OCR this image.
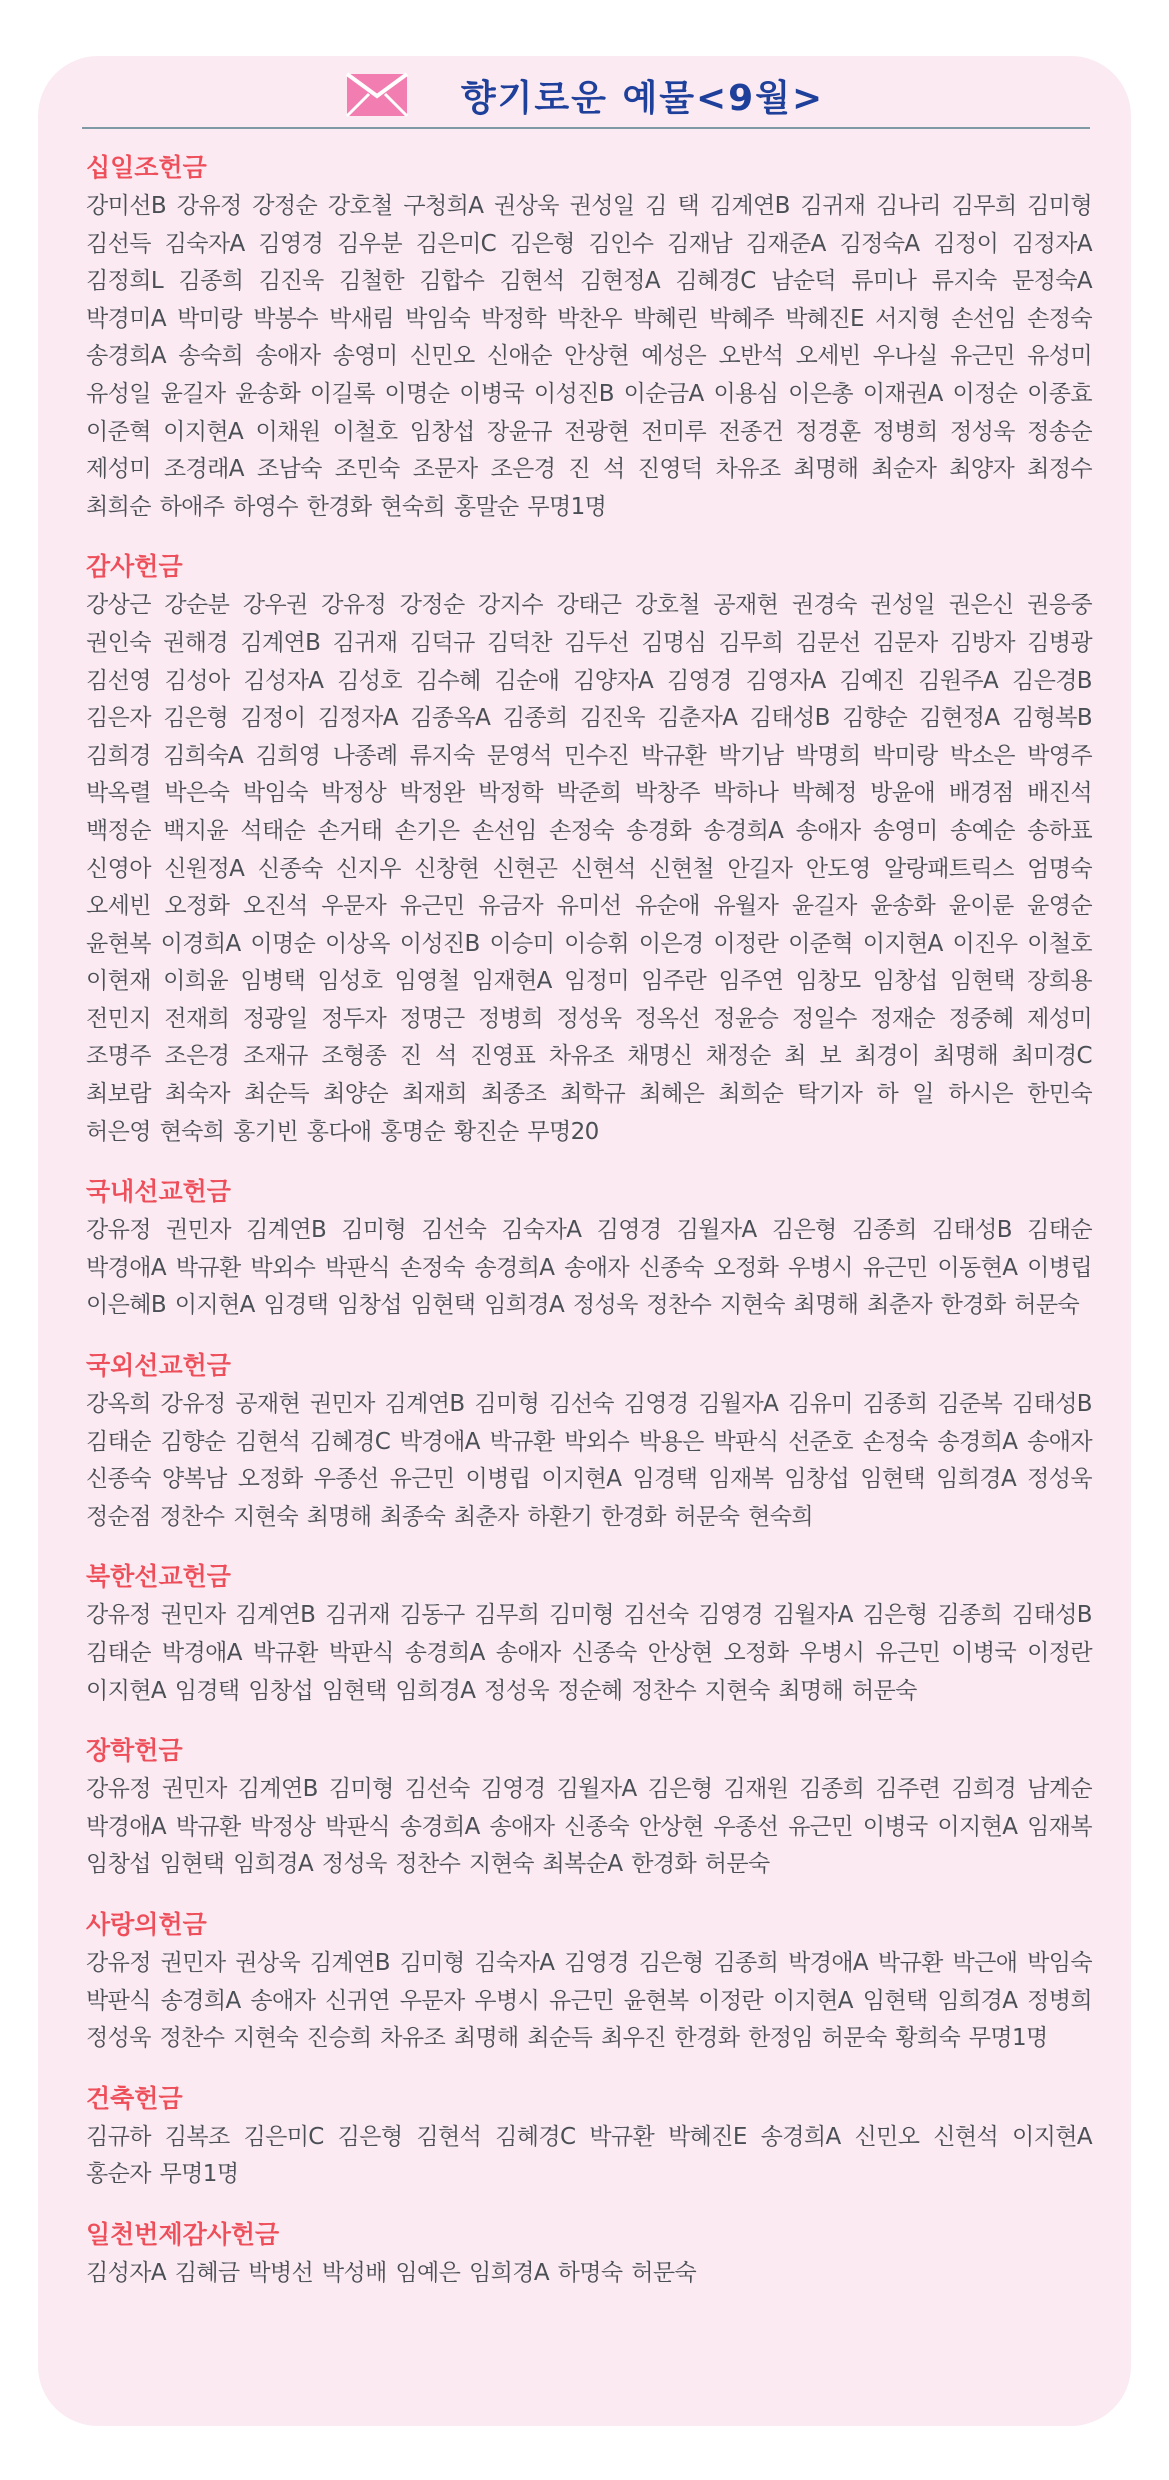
향기로운 예물<9월>
십일조헌금
강미선B 강유정 강정순 강호철 구청희A 권상욱 권성일 김 택 김계연B 김귀재 김나리 김무희 김미형 김선득 김숙자A 김영경 김우분 김은미C 김은형 김인수 김재남 김재준A 김정숙A 김정이 김정자A 김정희L 김종희 김진욱 김철한 김합수 김현석 김현정A 김혜경C 남순덕 류미나 류지숙 문정숙A 박경미A 박미랑 박봉수 박새림 박임숙 박정학 박찬우 박혜린 박혜주 박혜진E 서지형 손선임 손정숙 송경희A 송숙희 송애자 송영미 신민오 신애순 안상현 예성은 오반석 오세빈 우나실 유근민 유성미 유성일 윤길자 윤송화 이길록 이명순 이병국 이성진B 이순금A 이용심 이은총 이재권A 이정순 이종효 이준혁 이지현A 이채원 이철호 임창섭 장윤규 전광현 전미루 전종건 정경훈 정병희 정성욱 정송순 제성미 조경래A 조남숙 조민숙 조문자 조은경 진 석 진영덕 차유조 최명해 최순자 최양자 최정수 최희순 하애주 하영수 한경화 현숙희 홍말순 무명1명
감사헌금
강상근 강순분 강우권 강유정 강정순 강지수 강태근 강호철 공재현 권경숙 권성일 권은신 권응중 권인숙 권해경 김계연B 김귀재 김덕규 김덕찬 김두선 김명심 김무희 김문선 김문자 김방자 김병광 김선영 김성아 김성자A 김성호 김수혜 김순애 김양자A 김영경 김영자A 김예진 김원주A 김은경B 김은자 김은형 김정이 김정자A 김종옥A 김종희 김진욱 김춘자A 김태성B 김향순 김현정A 김형복B 김희경 김희숙A 김희영 나종례 류지숙 문영석 민수진 박규환 박기남 박명희 박미랑 박소은 박영주 박옥렬 박은숙 박임숙 박정상 박정완 박정학 박준희 박창주 박하나 박혜정 방윤애 배경점 배진석 백정순 백지윤 석태순 손거태 손기은 손선임 손정숙 송경화 송경희A 송애자 송영미 송예순 송하표 신영아 신원정A 신종숙 신지우 신창현 신현곤 신현석 신현철 안길자 안도영 알랑패트릭스 엄명숙 오세빈 오정화 오진석 우문자 유근민 유금자 유미선 유순애 유월자 윤길자 윤송화 윤이룬 윤영순 윤현복 이경희A 이명순 이상옥 이성진B 이승미 이승휘 이은경 이정란 이준혁 이지현A 이진우 이철호 이현재 이희윤 임병택 임성호 임영철 임재현A 임정미 임주란 임주연 임창모 임창섭 임현택 장희용 전민지 전재희 정광일 정두자 정명근 정병희 정성욱 정옥선 정윤승 정일수 정재순 정중혜 제성미 조명주 조은경 조재규 조형종 진 석 진영표 차유조 채명신 채정순 최 보 최경이 최명해 최미경C 최보람 최숙자 최순득 최양순 최재희 최종조 최학규 최혜은 최희순 탁기자 하 일 하시은 한민숙 허은영 현숙희 홍기빈 홍다애 홍명순 황진순 무명20
국내선교헌금
강유정 권민자 김계연B 김미형 김선숙 김숙자A 김영경 김월자A 김은형 김종희 김태성B 김태순 박경애A 박규환 박외수 박판식 손정숙 송경희A 송애자 신종숙 오정화 우병시 유근민 이동현A 이병립 이은혜B 이지현A 임경택 임창섭 임현택 임희경A 정성욱 정찬수 지현숙 최명해 최춘자 한경화 허문숙
국외선교헌금
강옥희 강유정 공재현 권민자 김계연B 김미형 김선숙 김영경 김월자A 김유미 김종희 김준복 김태성B 김태순 김향순 김현석 김혜경C 박경애A 박규환 박외수 박용은 박판식 선준호 손정숙 송경희A 송애자 신종숙 양복남 오정화 우종선 유근민 이병립 이지현A 임경택 임재복 임창섭 임현택 임희경A 정성욱 정순점 정찬수 지현숙 최명해 최종숙 최춘자 하환기 한경화 허문숙 현숙희
북한선교헌금
강유정 권민자 김계연B 김귀재 김동구 김무희 김미형 김선숙 김영경 김월자A 김은형 김종희 김태성B 김태순 박경애A 박규환 박판식 송경희A 송애자 신종숙 안상현 오정화 우병시 유근민 이병국 이정란 이지현A 임경택 임창섭 임현택 임희경A 정성욱 정순혜 정찬수 지현숙 최명해 허문숙
장학헌금
강유정 권민자 김계연B 김미형 김선숙 김영경 김월자A 김은형 김재원 김종희 김주련 김희경 남계순 박경애A 박규환 박정상 박판식 송경희A 송애자 신종숙 안상현 우종선 유근민 이병국 이지현A 임재복 임창섭 임현택 임희경A 정성욱 정찬수 지현숙 최복순A 한경화 허문숙
사랑의헌금
강유정 권민자 권상욱 김계연B 김미형 김숙자A 김영경 김은형 김종희 박경애A 박규환 박근애 박임숙 박판식 송경희A 송애자 신귀연 우문자 우병시 유근민 윤현복 이정란 이지현A 임현택 임희경A 정병희 정성욱 정찬수 지현숙 진승희 차유조 최명해 최순득 최우진 한경화 한정임 허문숙 황희숙 무명1명
건축헌금
김규하 김복조 김은미C 김은형 김현석 김혜경C 박규환 박혜진E 송경희A 신민오 신현석 이지현A 홍순자 무명1명
일천번제감사헌금
김성자A 김혜금 박병선 박성배 임예은 임희경A 하명숙 허문숙
